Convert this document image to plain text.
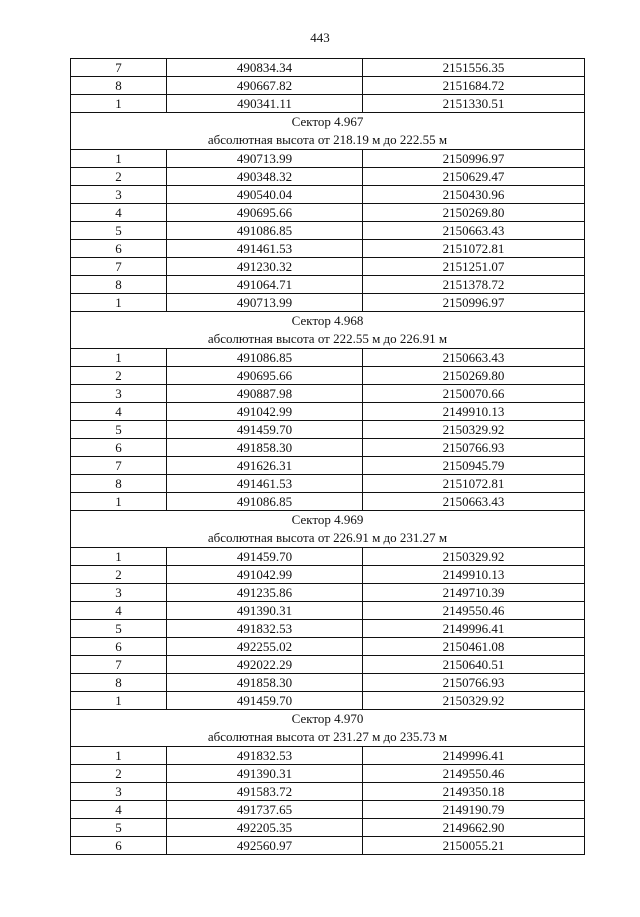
443
7	490834.34	2151556.35
8	490667.82	2151684.72
1	490341.11	2151330.51

Сектор 4.967
абсолютная высота от 218.19 м до 222.55 м		

1	490713.99	2150996.97
2	490348.32	2150629.47
3	490540.04	2150430.96
4	490695.66	2150269.80
5	491086.85	2150663.43
6	491461.53	2151072.81
7	491230.32	2151251.07
8	491064.71	2151378.72
1	490713.99	2150996.97

Сектор 4.968
абсолютная высота от 222.55 м до 226.91 м		

1	491086.85	2150663.43
2	490695.66	2150269.80
3	490887.98	2150070.66
4	491042.99	2149910.13
5	491459.70	2150329.92
6	491858.30	2150766.93
7	491626.31	2150945.79
8	491461.53	2151072.81
1	491086.85	2150663.43

Сектор 4.969
абсолютная высота от 226.91 м до 231.27 м		

1	491459.70	2150329.92
2	491042.99	2149910.13
3	491235.86	2149710.39
4	491390.31	2149550.46
5	491832.53	2149996.41
6	492255.02	2150461.08
7	492022.29	2150640.51
8	491858.30	2150766.93
1	491459.70	2150329.92

Сектор 4.970
абсолютная высота от 231.27 м до 235.73 м		

1	491832.53	2149996.41
2	491390.31	2149550.46
3	491583.72	2149350.18
4	491737.65	2149190.79
5	492205.35	2149662.90
6	492560.97	2150055.21
